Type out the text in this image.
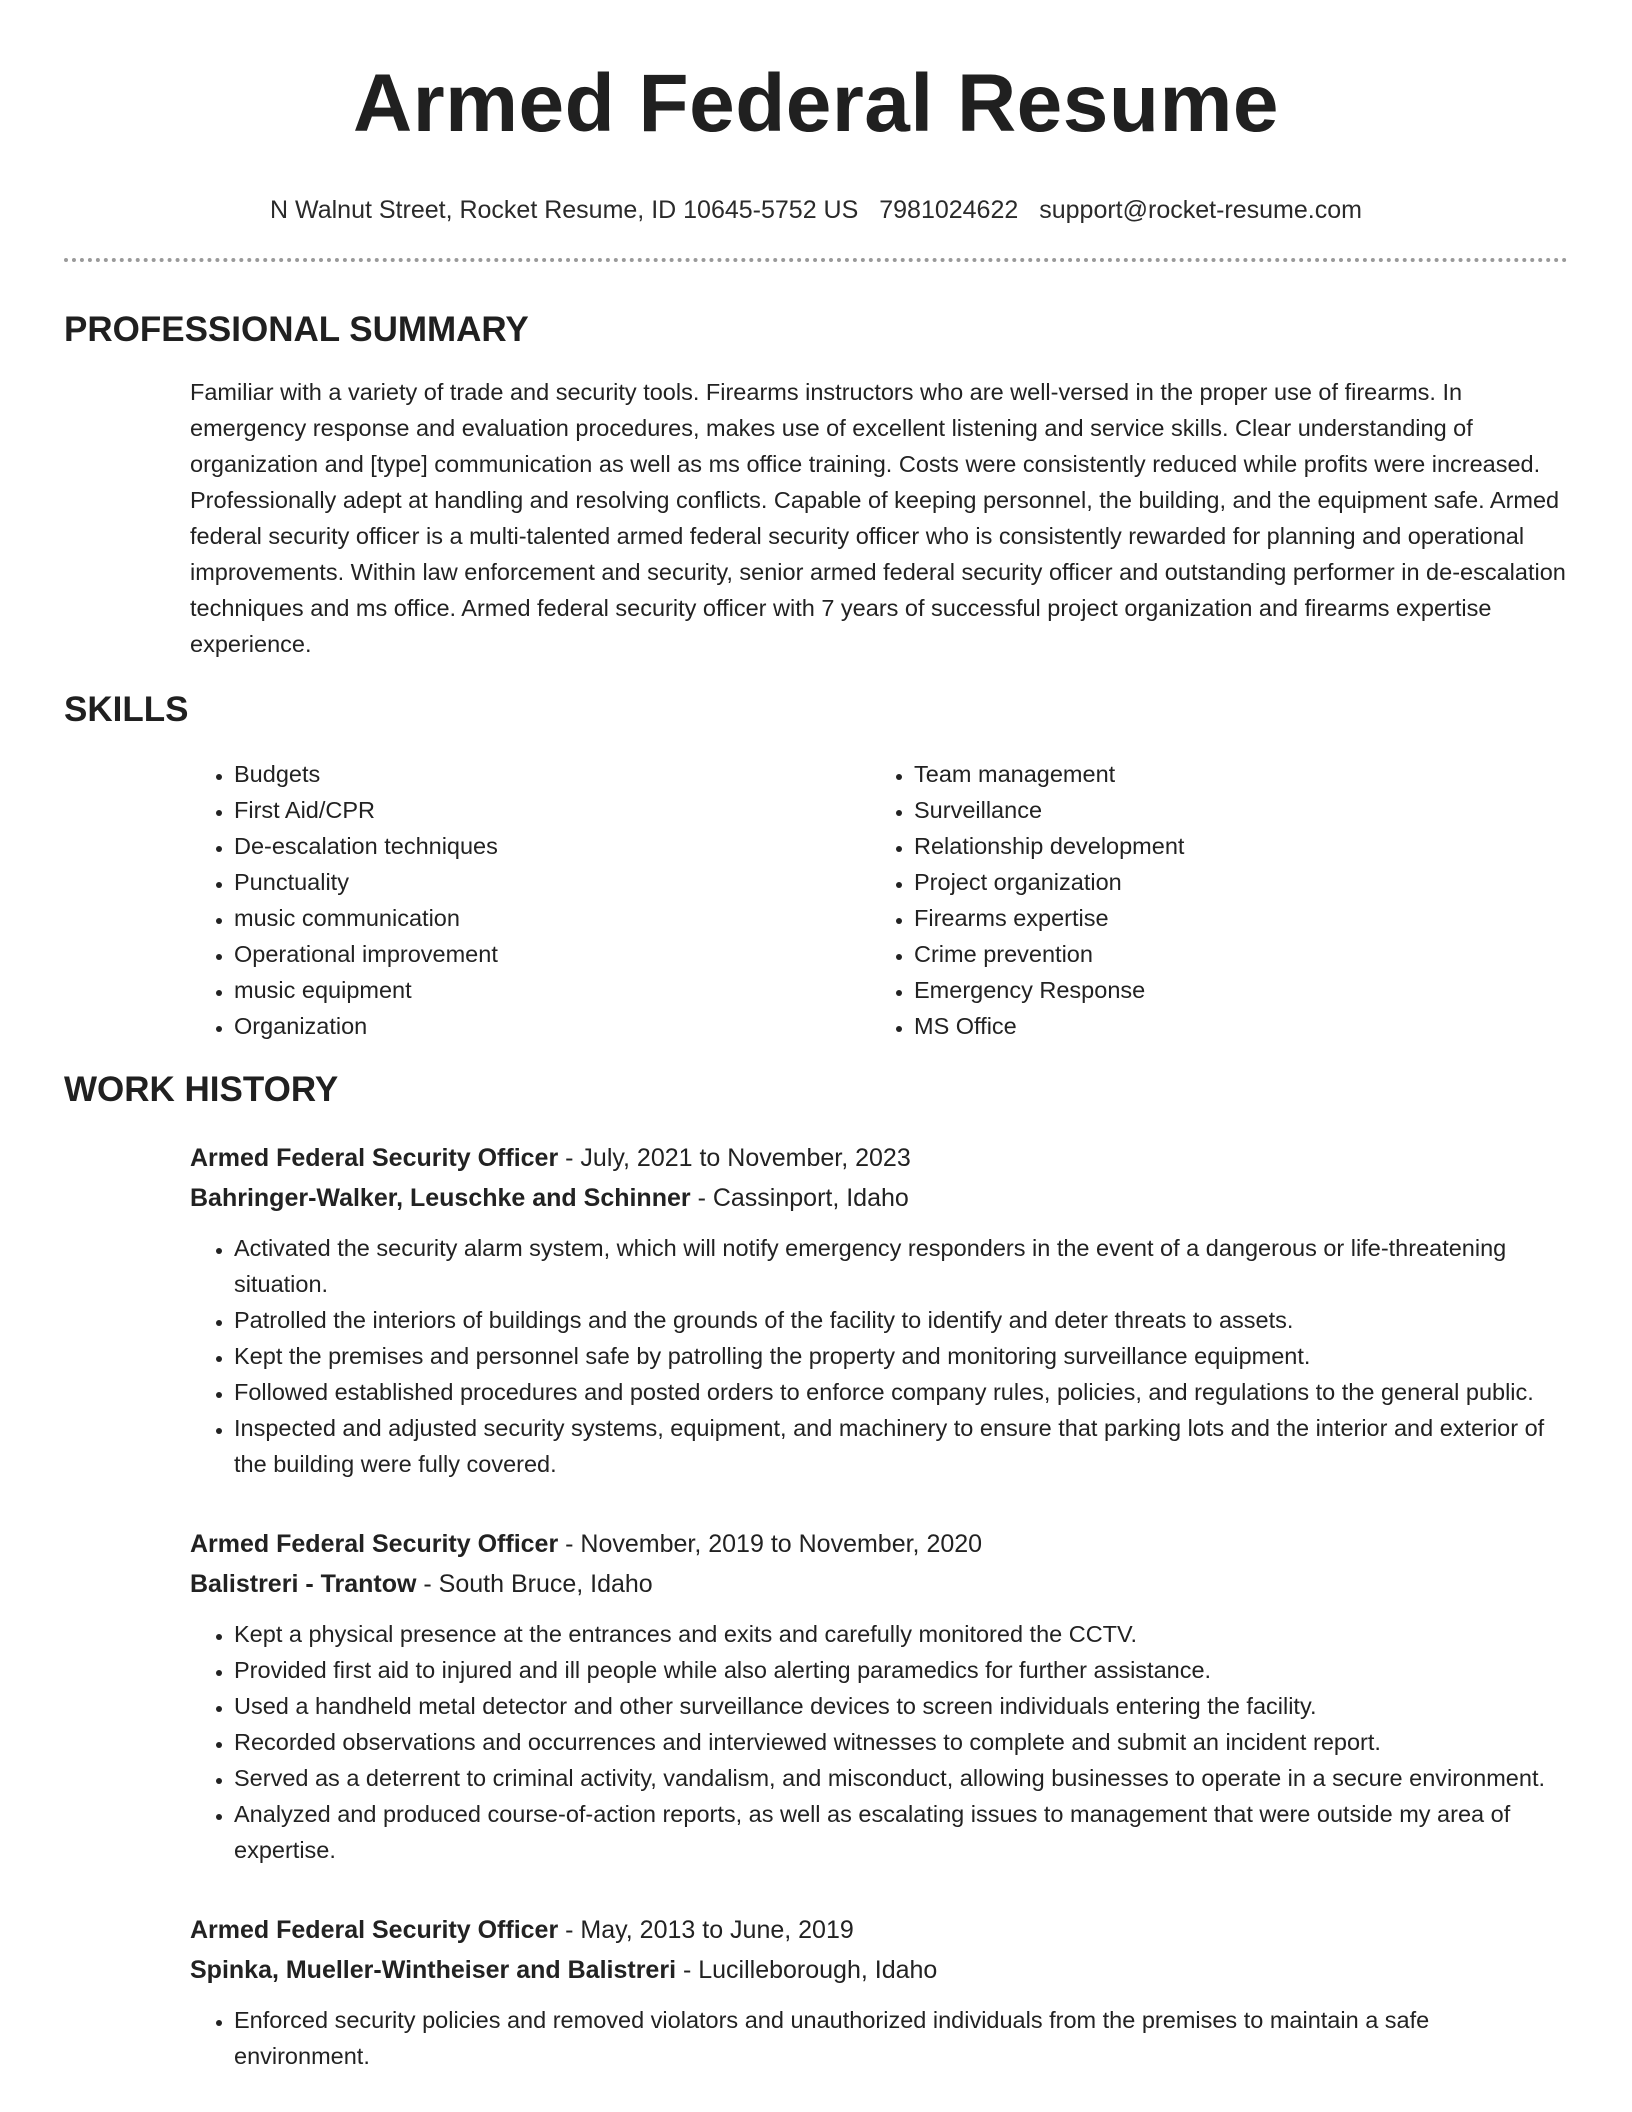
Armed Federal Resume
N Walnut Street, Rocket Resume, ID 10645-5752 US 7981024622 support@rocket-resume.com
PROFESSIONAL SUMMARY
Familiar with a variety of trade and security tools. Firearms instructors who are well-versed in the proper use of firearms. In emergency response and evaluation procedures, makes use of excellent listening and service skills. Clear understanding of organization and [type] communication as well as ms office training. Costs were consistently reduced while profits were increased. Professionally adept at handling and resolving conflicts. Capable of keeping personnel, the building, and the equipment safe. Armed federal security officer is a multi-talented armed federal security officer who is consistently rewarded for planning and operational improvements. Within law enforcement and security, senior armed federal security officer and outstanding performer in de-escalation techniques and ms office. Armed federal security officer with 7 years of successful project organization and firearms expertise experience.
SKILLS
• Budgets
• First Aid/CPR
• De-escalation techniques
• Punctuality
• music communication
• Operational improvement
• music equipment
• Organization
• Team management
• Surveillance
• Relationship development
• Project organization
• Firearms expertise
• Crime prevention
• Emergency Response
• MS Office
WORK HISTORY
Armed Federal Security Officer - July, 2021 to November, 2023
Bahringer-Walker, Leuschke and Schinner - Cassinport, Idaho
• Activated the security alarm system, which will notify emergency responders in the event of a dangerous or life-threatening situation.
• Patrolled the interiors of buildings and the grounds of the facility to identify and deter threats to assets.
• Kept the premises and personnel safe by patrolling the property and monitoring surveillance equipment.
• Followed established procedures and posted orders to enforce company rules, policies, and regulations to the general public.
• Inspected and adjusted security systems, equipment, and machinery to ensure that parking lots and the interior and exterior of the building were fully covered.
Armed Federal Security Officer - November, 2019 to November, 2020
Balistreri - Trantow - South Bruce, Idaho
• Kept a physical presence at the entrances and exits and carefully monitored the CCTV.
• Provided first aid to injured and ill people while also alerting paramedics for further assistance.
• Used a handheld metal detector and other surveillance devices to screen individuals entering the facility.
• Recorded observations and occurrences and interviewed witnesses to complete and submit an incident report.
• Served as a deterrent to criminal activity, vandalism, and misconduct, allowing businesses to operate in a secure environment.
• Analyzed and produced course-of-action reports, as well as escalating issues to management that were outside my area of expertise.
Armed Federal Security Officer - May, 2013 to June, 2019
Spinka, Mueller-Wintheiser and Balistreri - Lucilleborough, Idaho
• Enforced security policies and removed violators and unauthorized individuals from the premises to maintain a safe environment.
